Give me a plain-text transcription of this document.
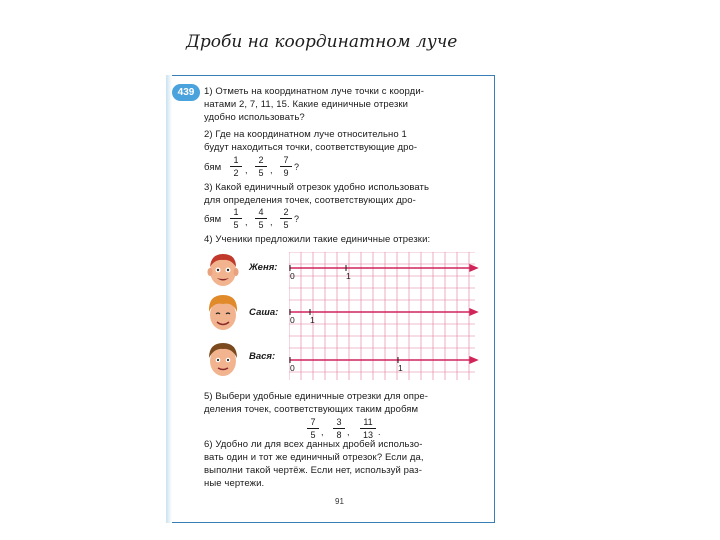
Дроби на координатном луче
439	1) Отметь на координатном луче точки с коорди-
натами 2, 7, 11, 15. Какие единичные отрезки
удобно использовать?
2) Где на координатном луче относительно 1
будут находиться точки, соответствующие дро-
бям
1
2 ,
2
5 ,
7
9
?
3) Какой единичный отрезок удобно использовать
для определения точек, соответствующих дро-
бям
1
5 ,
4
5 ,
2
5
?
4) Ученики предложили такие единичные отрезки:
Женя:
Саша:
Вася:
0	1
0 1
0	1
5) Выбери удобные единичные отрезки для опре-
деления точек, соответствующих таким дробям
7
5 ,
3
8 ,
11
13 .
6) Удобно ли для всех данных дробей использо-
вать один и тот же единичный отрезок? Если да,
выполни такой чертёж. Если нет, используй раз-
ные чертежи.
91
